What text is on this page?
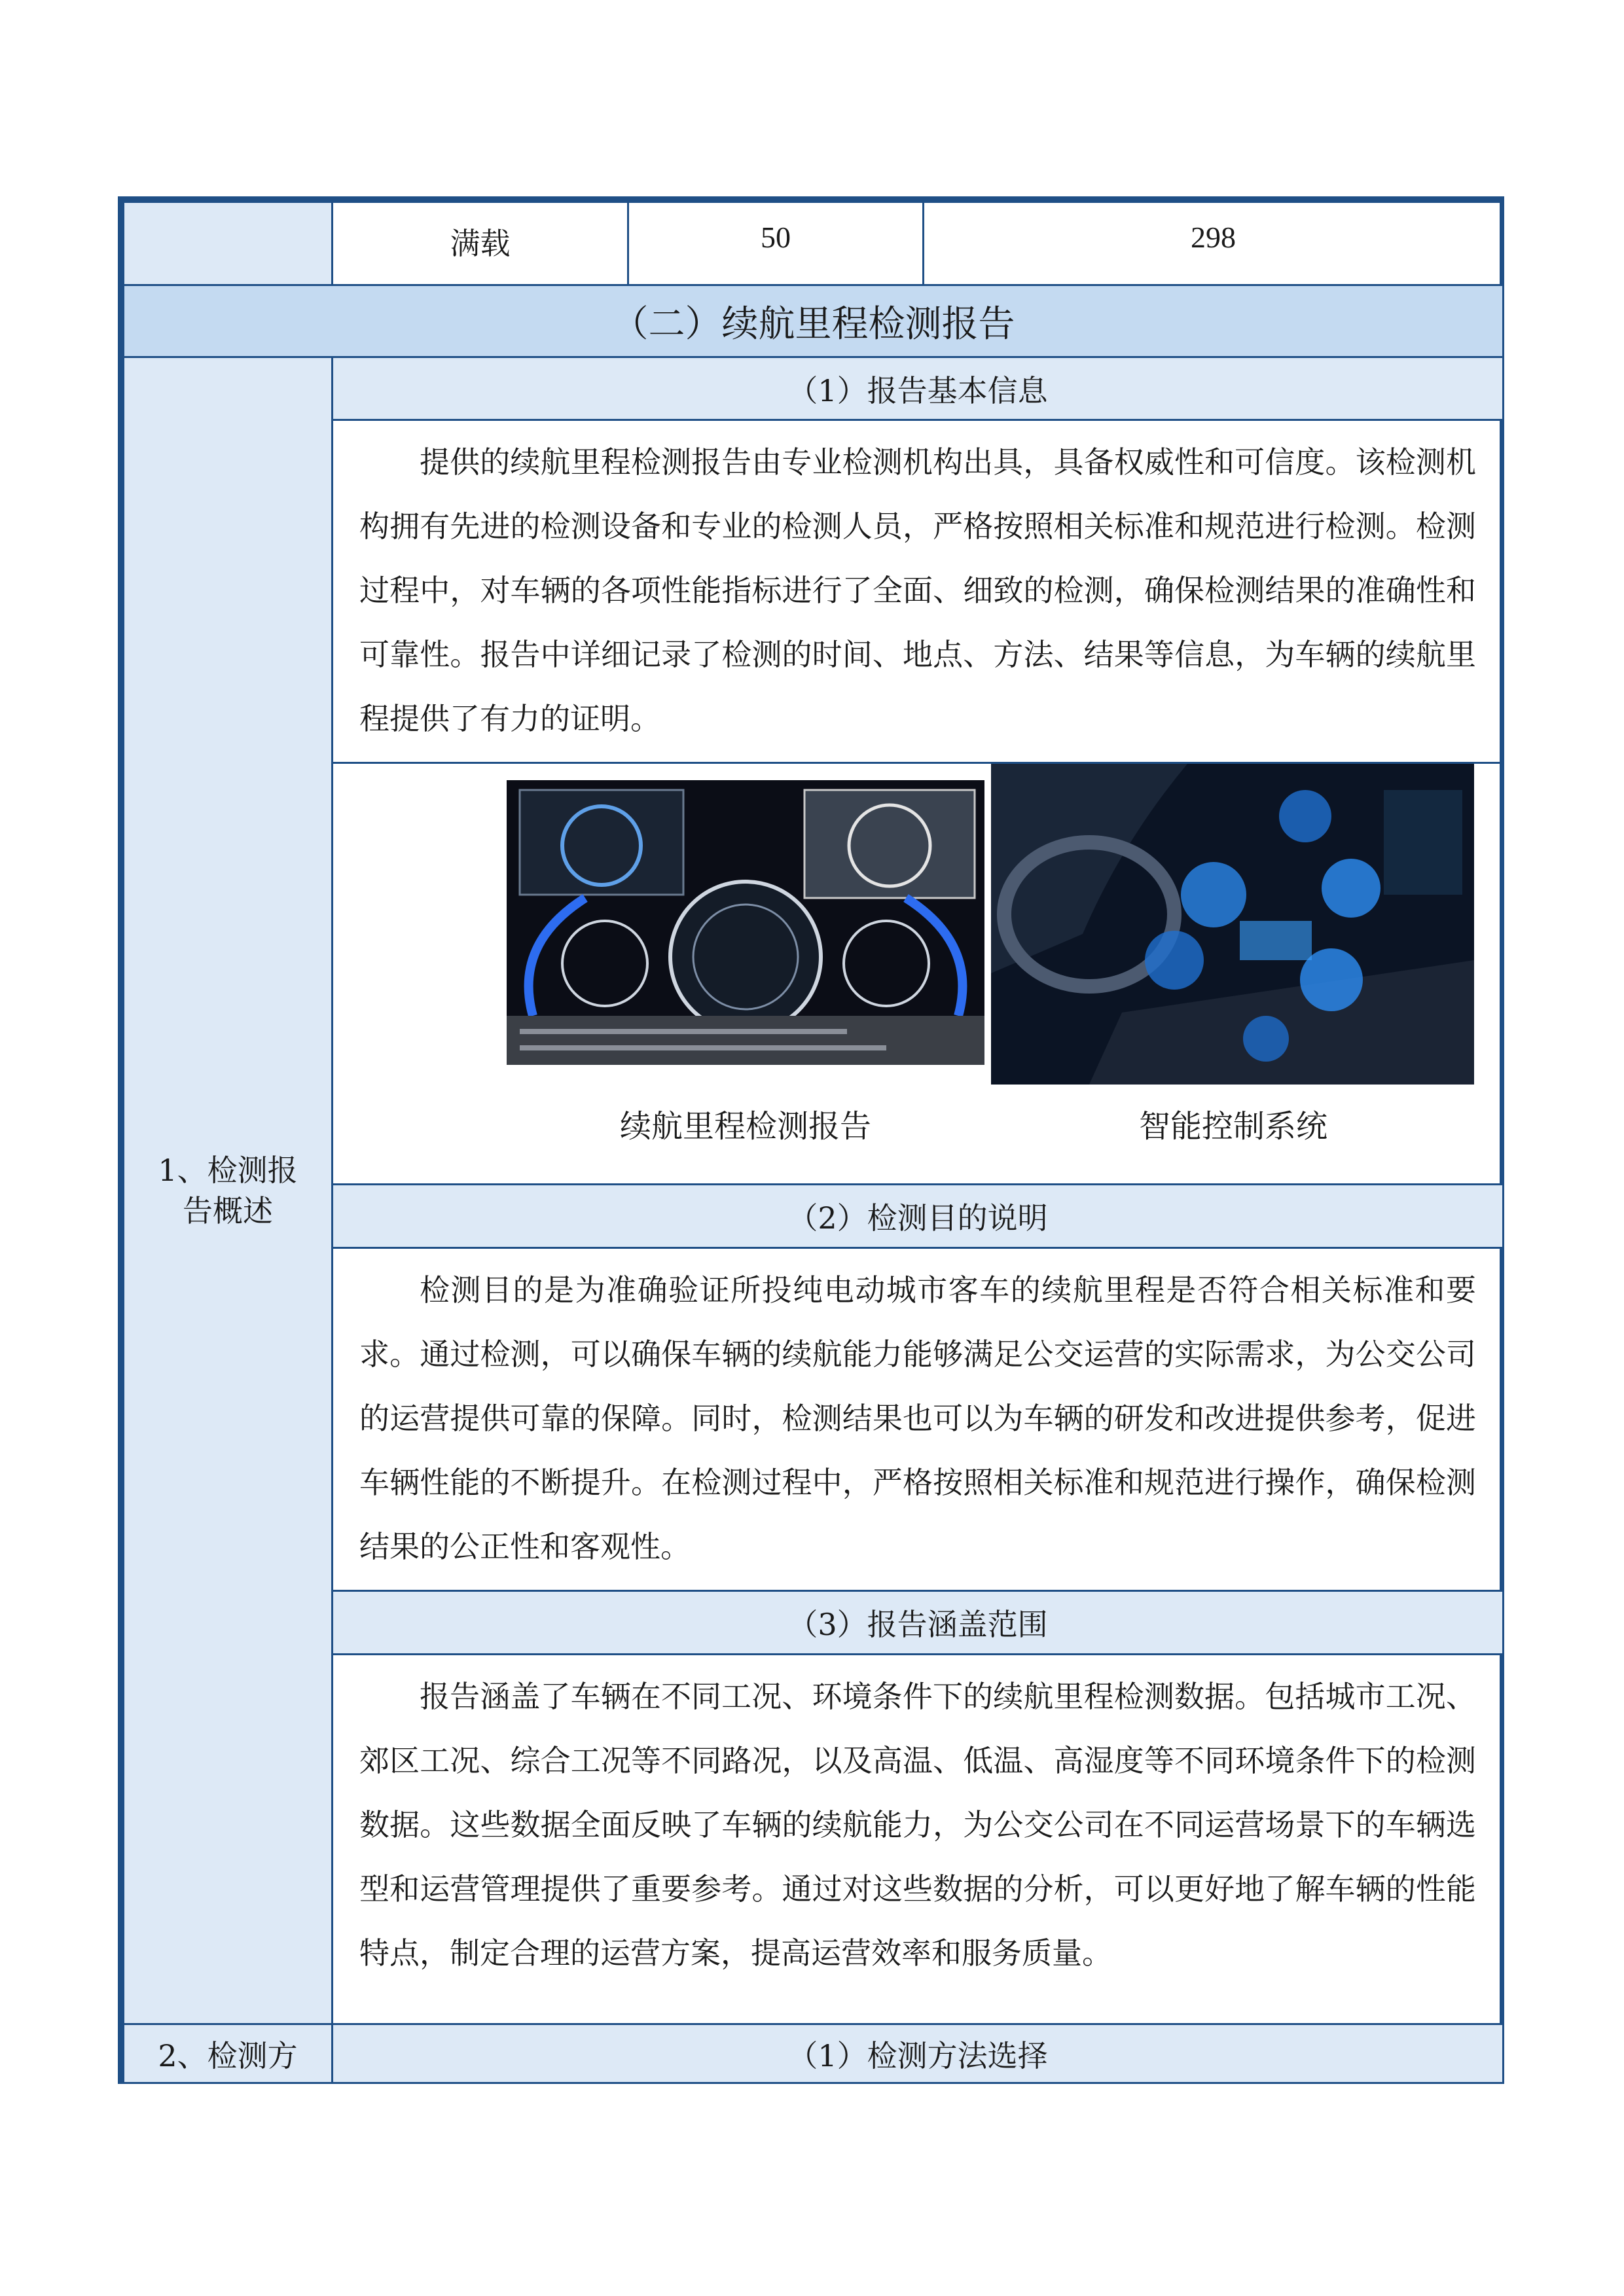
满载	50	298
（二）续航里程检测报告
1、检测报告概述
2、检测方
（1）报告基本信息

提供的续航里程检测报告由专业检测机构出具，具备权威性和可信度。该检测机构拥有先进的检测设备和专业的检测人员，严格按照相关标准和规范进行检测。检测过程中，对车辆的各项性能指标进行了全面、细致的检测，确保检测结果的准确性和可靠性。报告中详细记录了检测的时间、地点、方法、结果等信息，为车辆的续航里程提供了有力的证明。

续航里程检测报告	智能控制系统
（2）检测目的说明

检测目的是为准确验证所投纯电动城市客车的续航里程是否符合相关标准和要求。通过检测，可以确保车辆的续航能力能够满足公交运营的实际需求，为公交公司的运营提供可靠的保障。同时，检测结果也可以为车辆的研发和改进提供参考，促进车辆性能的不断提升。在检测过程中，严格按照相关标准和规范进行操作，确保检测结果的公正性和客观性。

（3）报告涵盖范围

报告涵盖了车辆在不同工况、环境条件下的续航里程检测数据。包括城市工况、郊区工况、综合工况等不同路况，以及高温、低温、高湿度等不同环境条件下的检测数据。这些数据全面反映了车辆的续航能力，为公交公司在不同运营场景下的车辆选型和运营管理提供了重要参考。通过对这些数据的分析，可以更好地了解车辆的性能特点，制定合理的运营方案，提高运营效率和服务质量。

（1）检测方法选择
